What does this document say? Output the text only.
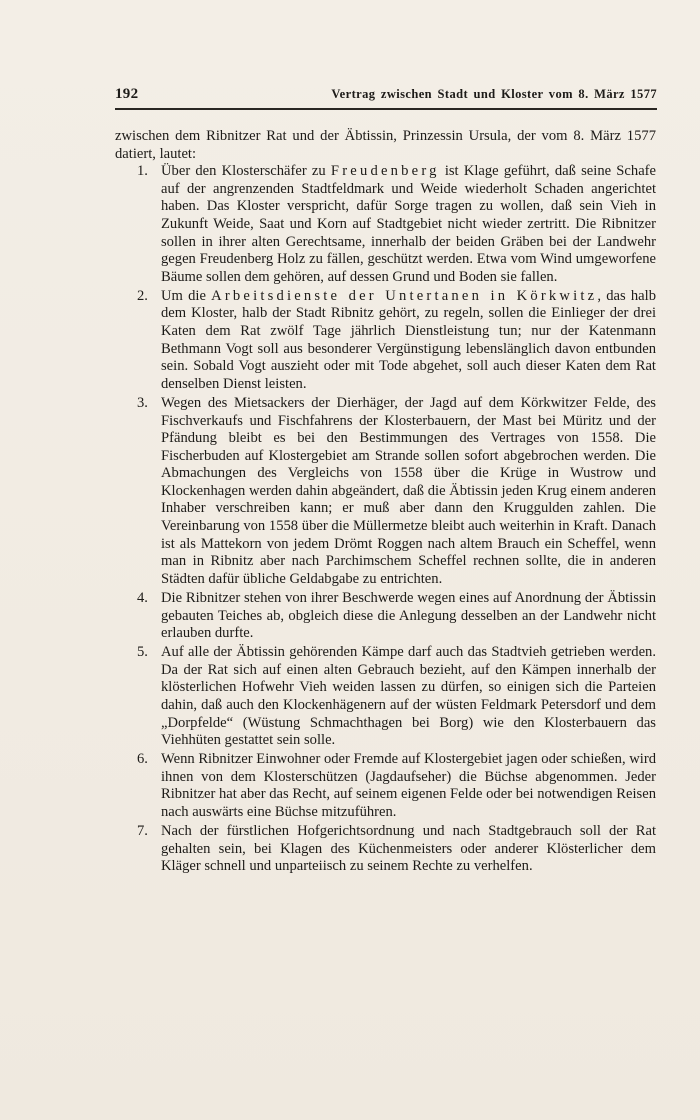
192	Vertrag zwischen Stadt und Kloster vom 8. März 1577

zwischen dem Ribnitzer Rat und der Äbtissin, Prinzessin Ursula, der vom 8. März 1577 datiert, lautet:

1. Über den Klosterschäfer zu Freudenberg ist Klage geführt, daß seine Schafe auf der angrenzenden Stadtfeldmark und Weide wiederholt Schaden angerichtet haben. Das Kloster verspricht, dafür Sorge tragen zu wollen, daß sein Vieh in Zukunft Weide, Saat und Korn auf Stadtgebiet nicht wieder zertritt. Die Ribnitzer sollen in ihrer alten Gerechtsame, innerhalb der beiden Gräben bei der Landwehr gegen Freudenberg Holz zu fällen, geschützt werden. Etwa vom Wind umgeworfene Bäume sollen dem gehören, auf dessen Grund und Boden sie fallen.
2. Um die Arbeitsdienste der Untertanen in Körkwitz, das halb dem Kloster, halb der Stadt Ribnitz gehört, zu regeln, sollen die Einlieger der drei Katen dem Rat zwölf Tage jährlich Dienstleistung tun; nur der Katenmann Bethmann Vogt soll aus besonderer Vergünstigung lebenslänglich davon entbunden sein. Sobald Vogt auszieht oder mit Tode abgehet, soll auch dieser Katen dem Rat denselben Dienst leisten.
3. Wegen des Mietsackers der Dierhäger, der Jagd auf dem Körkwitzer Felde, des Fischverkaufs und Fischfahrens der Klosterbauern, der Mast bei Müritz und der Pfändung bleibt es bei den Bestimmungen des Vertrages von 1558. Die Fischerbuden auf Klostergebiet am Strande sollen sofort abgebrochen werden. Die Abmachungen des Vergleichs von 1558 über die Krüge in Wustrow und Klockenhagen werden dahin abgeändert, daß die Äbtissin jeden Krug einem anderen Inhaber verschreiben kann; er muß aber dann den Kruggulden zahlen. Die Vereinbarung von 1558 über die Müllermetze bleibt auch weiterhin in Kraft. Danach ist als Mattekorn von jedem Drömt Roggen nach altem Brauch ein Scheffel, wenn man in Ribnitz aber nach Parchimschem Scheffel rechnen sollte, die in anderen Städten dafür übliche Geldabgabe zu entrichten.
4. Die Ribnitzer stehen von ihrer Beschwerde wegen eines auf Anordnung der Äbtissin gebauten Teiches ab, obgleich diese die Anlegung desselben an der Landwehr nicht erlauben durfte.
5. Auf alle der Äbtissin gehörenden Kämpe darf auch das Stadtvieh getrieben werden. Da der Rat sich auf einen alten Gebrauch bezieht, auf den Kämpen innerhalb der klösterlichen Hofwehr Vieh weiden lassen zu dürfen, so einigen sich die Parteien dahin, daß auch den Klockenhägenern auf der wüsten Feldmark Petersdorf und dem „Dorpfelde“ (Wüstung Schmachthagen bei Borg) wie den Klosterbauern das Viehhüten gestattet sein solle.
6. Wenn Ribnitzer Einwohner oder Fremde auf Klostergebiet jagen oder schießen, wird ihnen von dem Klosterschützen (Jagdaufseher) die Büchse abgenommen. Jeder Ribnitzer hat aber das Recht, auf seinem eigenen Felde oder bei notwendigen Reisen nach auswärts eine Büchse mitzuführen.
7. Nach der fürstlichen Hofgerichtsordnung und nach Stadtgebrauch soll der Rat gehalten sein, bei Klagen des Küchenmeisters oder anderer Klösterlicher dem Kläger schnell und unparteiisch zu seinem Rechte zu verhelfen.
